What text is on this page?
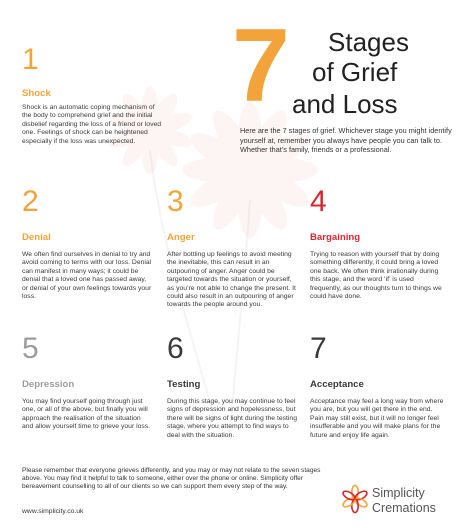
7 Stages
of Grief
and Loss

Here are the 7 stages of grief. Whichever stage you might identify yourself at, remember you always have people you can talk to. Whether that’s family, friends or a professional.

1
Shock

Shock is an automatic coping mechanism of the body to comprehend grief and the initial disbelief regarding the loss of a friend or loved one. Feelings of shock can be heightened especially if the loss was unexpected.

2
Denial

We often find ourselves in denial to try and avoid coming to terms with our loss. Denial can manifest in many ways; it could be denial that a loved one has passed away, or denial of your own feelings towards your loss.

3
Anger

After bottling up feelings to avoid meeting the inevitable, this can result in an outpouring of anger. Anger could be targeted towards the situation or yourself, as you’re not able to change the present. It could also result in an outpouring of anger towards the people around you.

4
Bargaining

Trying to reason with yourself that by doing something differently, it could bring a loved one back. We often think irrationally during this stage, and the word ‘if’ is used frequently, as our thoughts turn to things we could have done.

5
Depression

You may find yourself going through just one, or all of the above, but finally you will approach the realisation of the situation and allow yourself time to grieve your loss.

6
Testing

During this stage, you may continue to feel signs of depression and hopelessness, but there will be signs of light during the testing stage, where you attempt to find ways to deal with the situation.

7
Acceptance

Acceptance may feel a long way from where you are, but you will get there in the end. Pain may still exist, but it will no longer feel insufferable and you will make plans for the future and enjoy life again.

Please remember that everyone grieves differently, and you may or may not relate to the seven stages above. You may find it helpful to talk to someone, either over the phone or online. Simplicity offer bereavement counselling to all of our clients so we can support them every step of the way.

www.simplicity.co.uk
Simplicity
Cremations
